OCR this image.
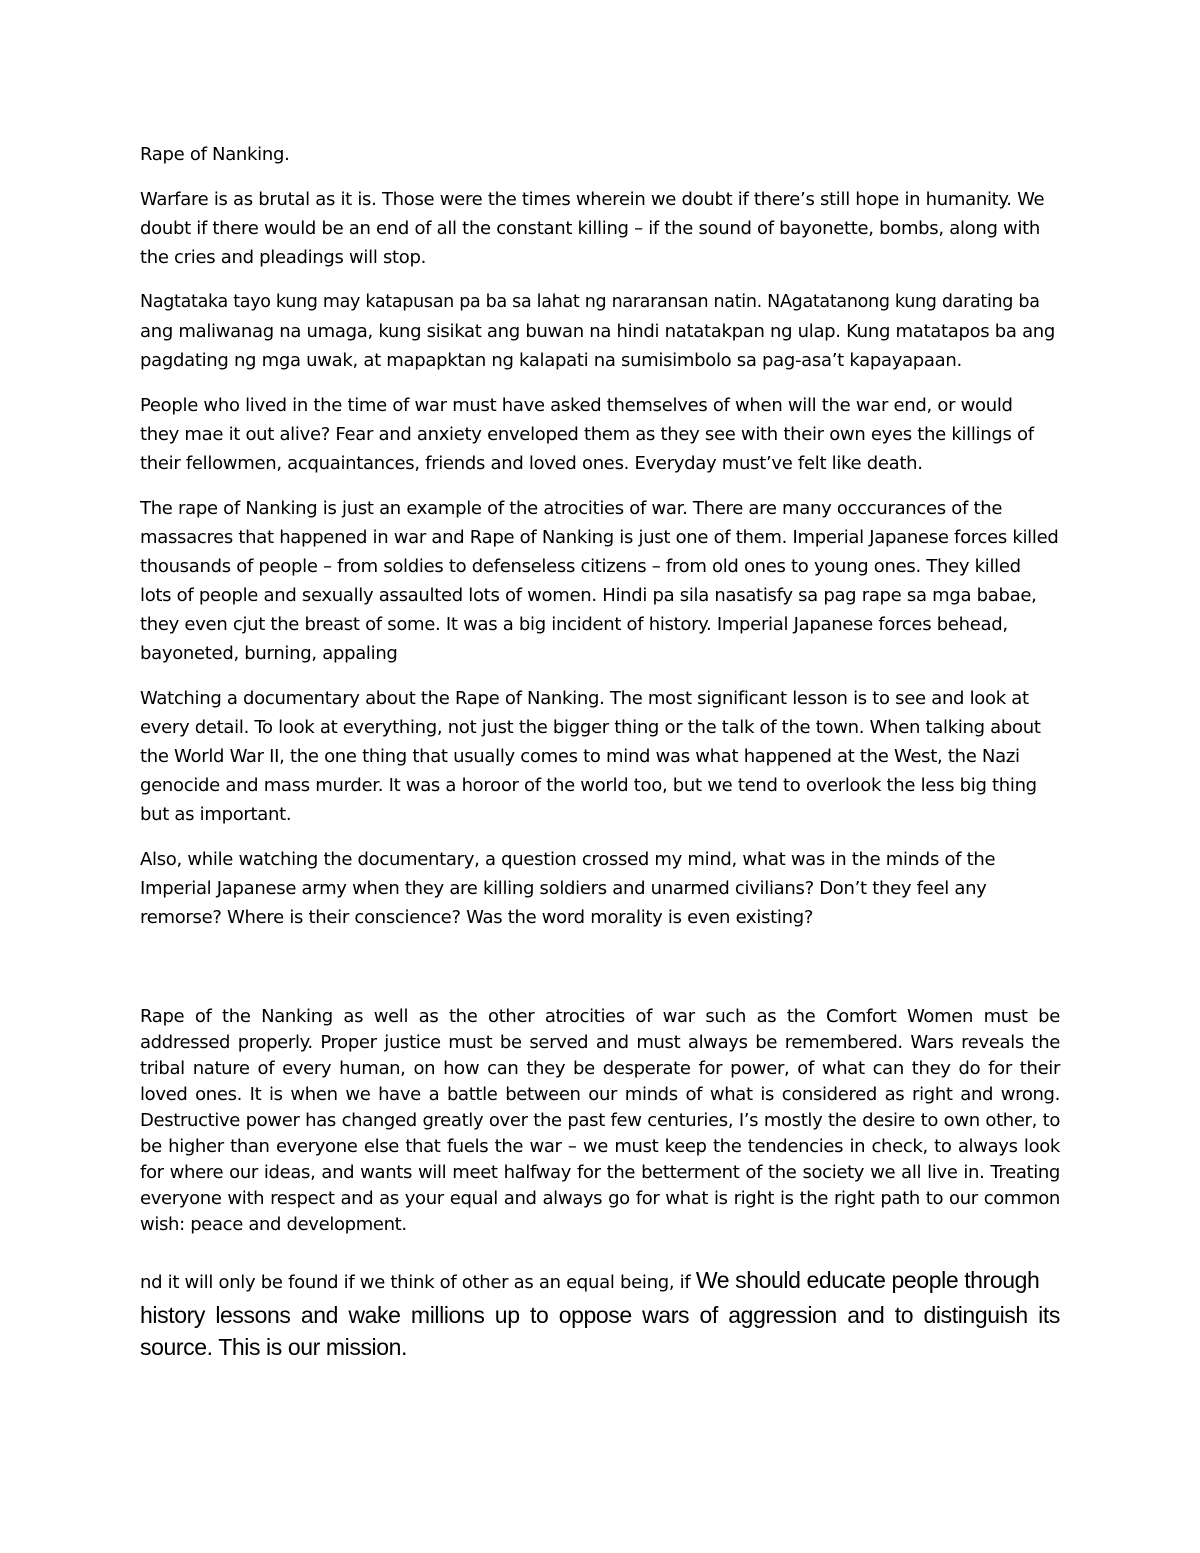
Rape of Nanking.
Warfare is as brutal as it is. Those were the times wherein we doubt if there’s still hope in humanity. We
doubt if there would be an end of all the constant killing – if the sound of bayonette, bombs, along with
the cries and pleadings will stop.
Nagtataka tayo kung may katapusan pa ba sa lahat ng nararansan natin. NAgatatanong kung darating ba
ang maliwanag na umaga, kung sisikat ang buwan na hindi natatakpan ng ulap. Kung matatapos ba ang
pagdating ng mga uwak, at mapapktan ng kalapati na sumisimbolo sa pag-asa’t kapayapaan.
People who lived in the time of war must have asked themselves of when will the war end, or would
they mae it out alive? Fear and anxiety enveloped them as they see with their own eyes the killings of
their fellowmen, acquaintances, friends and loved ones. Everyday must’ve felt like death.
The rape of Nanking is just an example of the atrocities of war. There are many occcurances of the
massacres that happened in war and Rape of Nanking is just one of them. Imperial Japanese forces killed
thousands of people – from soldies to defenseless citizens – from old ones to young ones. They killed
lots of people and sexually assaulted lots of women. Hindi pa sila nasatisfy sa pag rape sa mga babae,
they even cjut the breast of some. It was a big incident of history. Imperial Japanese forces behead,
bayoneted, burning, appaling
Watching a documentary about the Rape of Nanking. The most significant lesson is to see and look at
every detail. To look at everything, not just the bigger thing or the talk of the town. When talking about
the World War II, the one thing that usually comes to mind was what happened at the West, the Nazi
genocide and mass murder. It was a horoor of the world too, but we tend to overlook the less big thing
but as important.
Also, while watching the documentary, a question crossed my mind, what was in the minds of the
Imperial Japanese army when they are killing soldiers and unarmed civilians? Don’t they feel any
remorse? Where is their conscience? Was the word morality is even existing?
Rape of the Nanking as well as the other atrocities of war such as the Comfort Women must be
addressed properly. Proper justice must be served and must always be remembered. Wars reveals the
tribal nature of every human, on how can they be desperate for power, of what can they do for their
loved ones. It is when we have a battle between our minds of what is considered as right and wrong.
Destructive power has changed greatly over the past few centuries, I’s mostly the desire to own other, to
be higher than everyone else that fuels the war – we must keep the tendencies in check, to always look
for where our ideas, and wants will meet halfway for the betterment of the society we all live in. Treating
everyone with respect and as your equal and always go for what is right is the right path to our common
wish: peace and development.
nd it will only be found if we think of other as an equal being, if We should educate people through
history lessons and wake millions up to oppose wars of aggression and to distinguish its
source. This is our mission.
